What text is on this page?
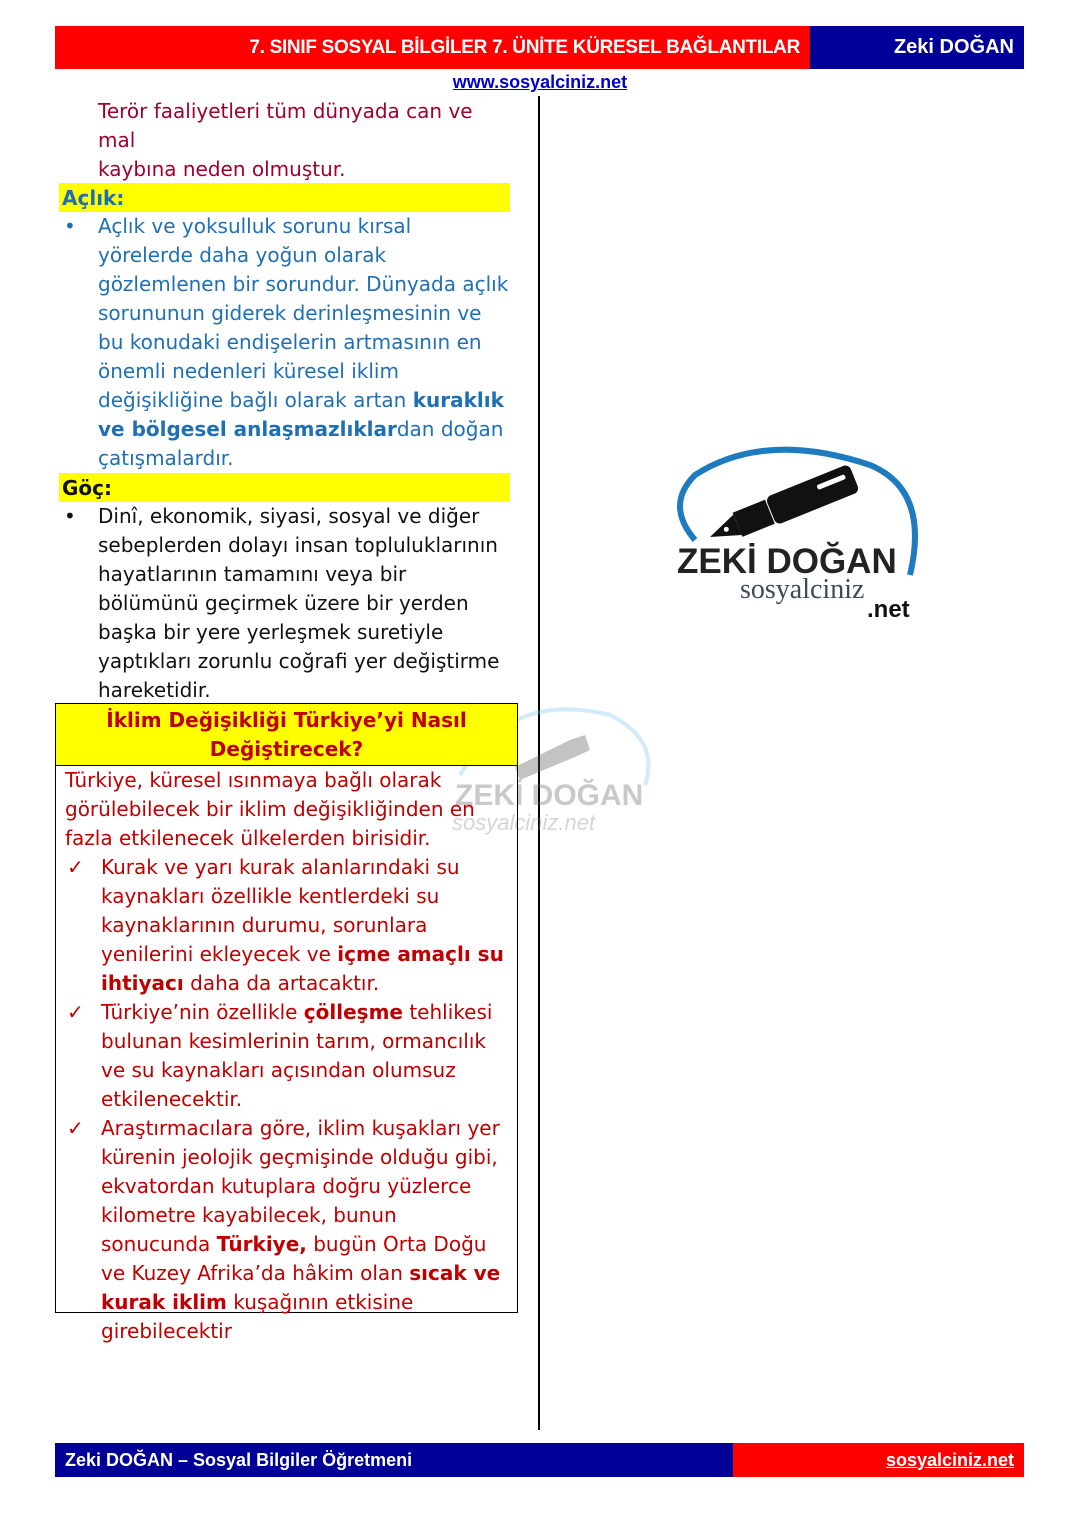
7. SINIF SOSYAL BİLGİLER 7. ÜNİTE KÜRESEL BAĞLANTILAR	Zeki DOĞAN
www.sosyalciniz.net
Terör faaliyetleri tüm dünyada can ve mal
kaybına neden olmuştur.
Açlık:
• Açlık ve yoksulluk sorunu kırsal yörelerde daha yoğun olarak gözlemlenen bir sorundur. Dünyada açlık sorununun giderek derinleşmesinin ve bu konudaki endişelerin artmasının en önemli nedenleri küresel iklim değişikliğine bağlı olarak artan kuraklık ve bölgesel anlaşmazlıklardan doğan çatışmalardır.
Göç:
• Dinî, ekonomik, siyasi, sosyal ve diğer sebeplerden dolayı insan topluluklarının hayatlarının tamamını veya bir bölümünü geçirmek üzere bir yerden başka bir yere yerleşmek suretiyle yaptıkları zorunlu coğrafi yer değiştirme hareketidir.
ZEKİ DOĞAN
sosyalciniz.net
İklim Değişikliği Türkiye’yi Nasıl
Değiştirecek?
Türkiye, küresel ısınmaya bağlı olarak görülebilecek bir iklim değişikliğinden en fazla etkilenecek ülkelerden birisidir.
✓ Kurak ve yarı kurak alanlarındaki su kaynakları özellikle kentlerdeki su kaynaklarının durumu, sorunlara yenilerini ekleyecek ve içme amaçlı su ihtiyacı daha da artacaktır.
✓ Türkiye’nin özellikle çölleşme tehlikesi bulunan kesimlerinin tarım, ormancılık ve su kaynakları açısından olumsuz etkilenecektir.
✓ Araştırmacılara göre, iklim kuşakları yer kürenin jeolojik geçmişinde olduğu gibi, ekvatordan kutuplara doğru yüzlerce kilometre kayabilecek, bunun sonucunda Türkiye, bugün Orta Doğu ve Kuzey Afrika’da hâkim olan sıcak ve kurak iklim kuşağının etkisine girebilecektir
ZEKİ DOĞAN
sosyalciniz
.net
Zeki DOĞAN – Sosyal Bilgiler Öğretmeni	sosyalciniz.net
